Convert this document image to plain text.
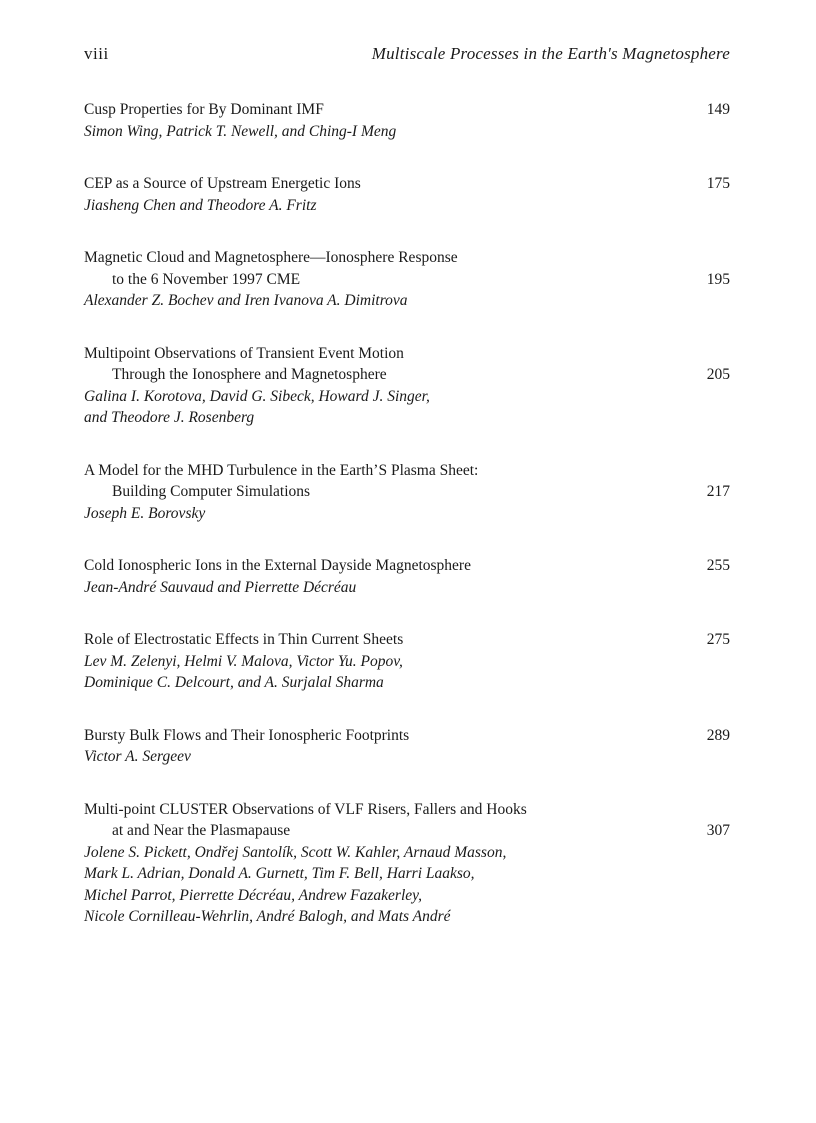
viii	Multiscale Processes in the Earth's Magnetosphere
Cusp Properties for By Dominant IMF	149
Simon Wing, Patrick T. Newell, and Ching-I Meng
CEP as a Source of Upstream Energetic Ions	175
Jiasheng Chen and Theodore A. Fritz
Magnetic Cloud and Magnetosphere—Ionosphere Response
to the 6 November 1997 CME	195
Alexander Z. Bochev and Iren Ivanova A. Dimitrova
Multipoint Observations of Transient Event Motion
Through the Ionosphere and Magnetosphere	205
Galina I. Korotova, David G. Sibeck, Howard J. Singer,
and Theodore J. Rosenberg
A Model for the MHD Turbulence in the Earth’S Plasma Sheet:
Building Computer Simulations	217
Joseph E. Borovsky
Cold Ionospheric Ions in the External Dayside Magnetosphere	255
Jean-André Sauvaud and Pierrette Décréau
Role of Electrostatic Effects in Thin Current Sheets	275
Lev M. Zelenyi, Helmi V. Malova, Victor Yu. Popov,
Dominique C. Delcourt, and A. Surjalal Sharma
Bursty Bulk Flows and Their Ionospheric Footprints	289
Victor A. Sergeev
Multi-point CLUSTER Observations of VLF Risers, Fallers and Hooks
at and Near the Plasmapause	307
Jolene S. Pickett, Ondřej Santolík, Scott W. Kahler, Arnaud Masson,
Mark L. Adrian, Donald A. Gurnett, Tim F. Bell, Harri Laakso,
Michel Parrot, Pierrette Décréau, Andrew Fazakerley,
Nicole Cornilleau-Wehrlin, André Balogh, and Mats André
